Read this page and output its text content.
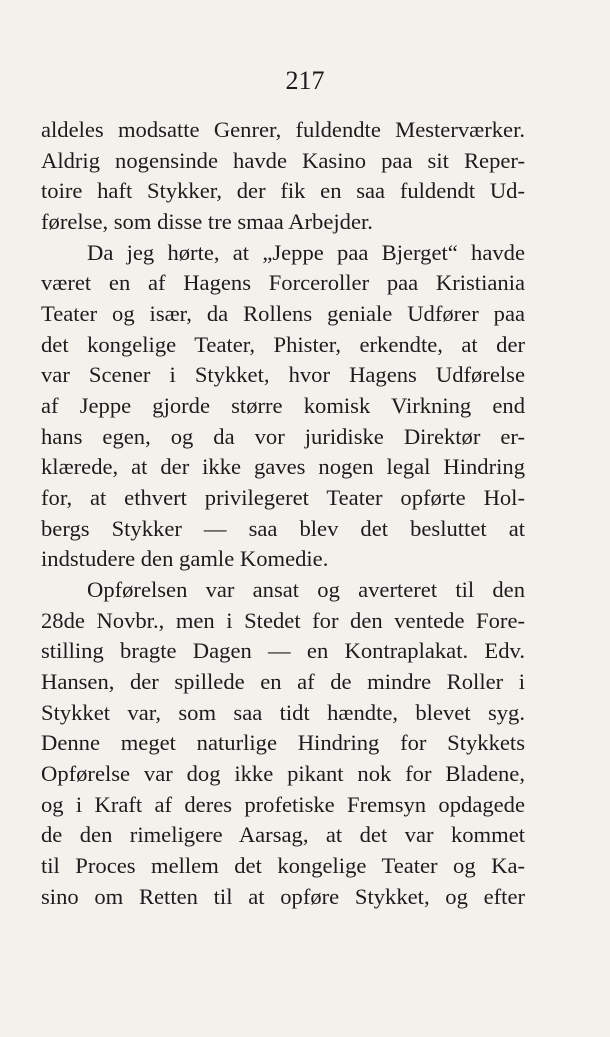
217
aldeles modsatte Genrer, fuldendte Mesterværker.
Aldrig nogensinde havde Kasino paa sit Reper-
toire haft Stykker, der fik en saa fuldendt Ud-
førelse, som disse tre smaa Arbejder.
Da jeg hørte, at „Jeppe paa Bjerget“ havde
været en af Hagens Forceroller paa Kristiania
Teater og især, da Rollens geniale Udfører paa
det kongelige Teater, Phister, erkendte, at der
var Scener i Stykket, hvor Hagens Udførelse
af Jeppe gjorde større komisk Virkning end
hans egen, og da vor juridiske Direktør er-
klærede, at der ikke gaves nogen legal Hindring
for, at ethvert privilegeret Teater opførte Hol-
bergs Stykker — saa blev det besluttet at
indstudere den gamle Komedie.
Opførelsen var ansat og averteret til den
28de Novbr., men i Stedet for den ventede Fore-
stilling bragte Dagen — en Kontraplakat. Edv.
Hansen, der spillede en af de mindre Roller i
Stykket var, som saa tidt hændte, blevet syg.
Denne meget naturlige Hindring for Stykkets
Opførelse var dog ikke pikant nok for Bladene,
og i Kraft af deres profetiske Fremsyn opdagede
de den rimeligere Aarsag, at det var kommet
til Proces mellem det kongelige Teater og Ka-
sino om Retten til at opføre Stykket, og efter
